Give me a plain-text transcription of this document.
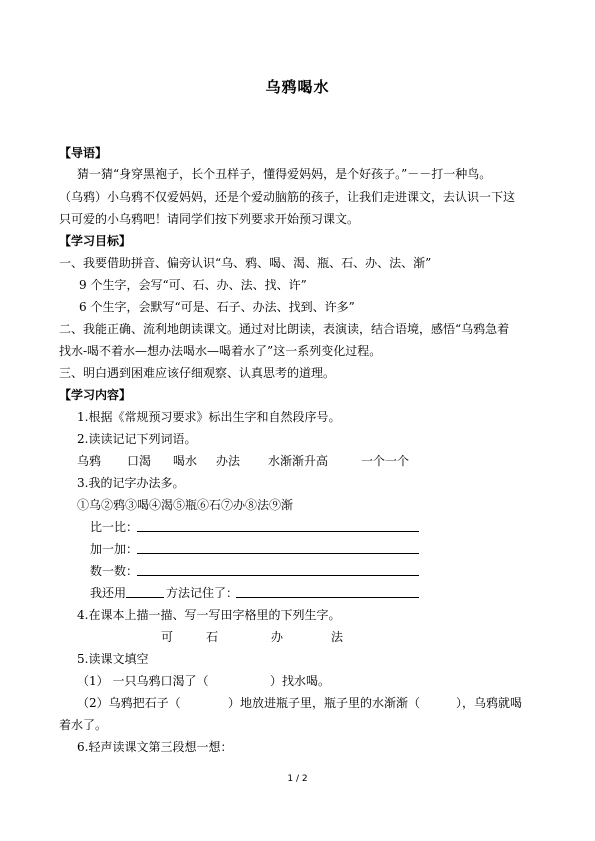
乌鸦喝水
【导语】
猜一猜“身穿黑袍子，长个丑样子，懂得爱妈妈，是个好孩子。”－－打一种鸟。
（乌鸦）小乌鸦不仅爱妈妈，还是个爱动脑筋的孩子，让我们走进课文，去认识一下这
只可爱的小乌鸦吧！请同学们按下列要求开始预习课文。
【学习目标】
一、我要借助拼音、偏旁认识“乌、鸦、喝、渴、瓶、石、办、法、渐”
9 个生字，会写“可、石、办、法、找、许”
6 个生字，会默写“可是、石子、办法、找到、许多”
二、我能正确、流利地朗读课文。通过对比朗读，表演读，结合语境，感悟“乌鸦急着
找水-喝不着水—想办法喝水—喝着水了”这一系列变化过程。
三、明白遇到困难应该仔细观察、认真思考的道理。
【学习内容】
1.根据《常规预习要求》标出生字和自然段序号。
2.读读记记下列词语。
乌鸦 口渴 喝水 办法 水渐渐升高	一个一个
3.我的记字办法多。
①乌②鸦③喝④渴⑤瓶⑥石⑦办⑧法⑨渐
比一比：
加一加：
数一数：
我还用	方法记住了：
4.在课本上描一描、写一写田字格里的下列生字。
可	石	办	法
5.读课文填空
（1） 一只乌鸦口渴了（	）找水喝。
（2）乌鸦把石子（	）地放进瓶子里，瓶子里的水渐渐（	），乌鸦就喝
着水了。
6.轻声读课文第三段想一想：
1 / 2
